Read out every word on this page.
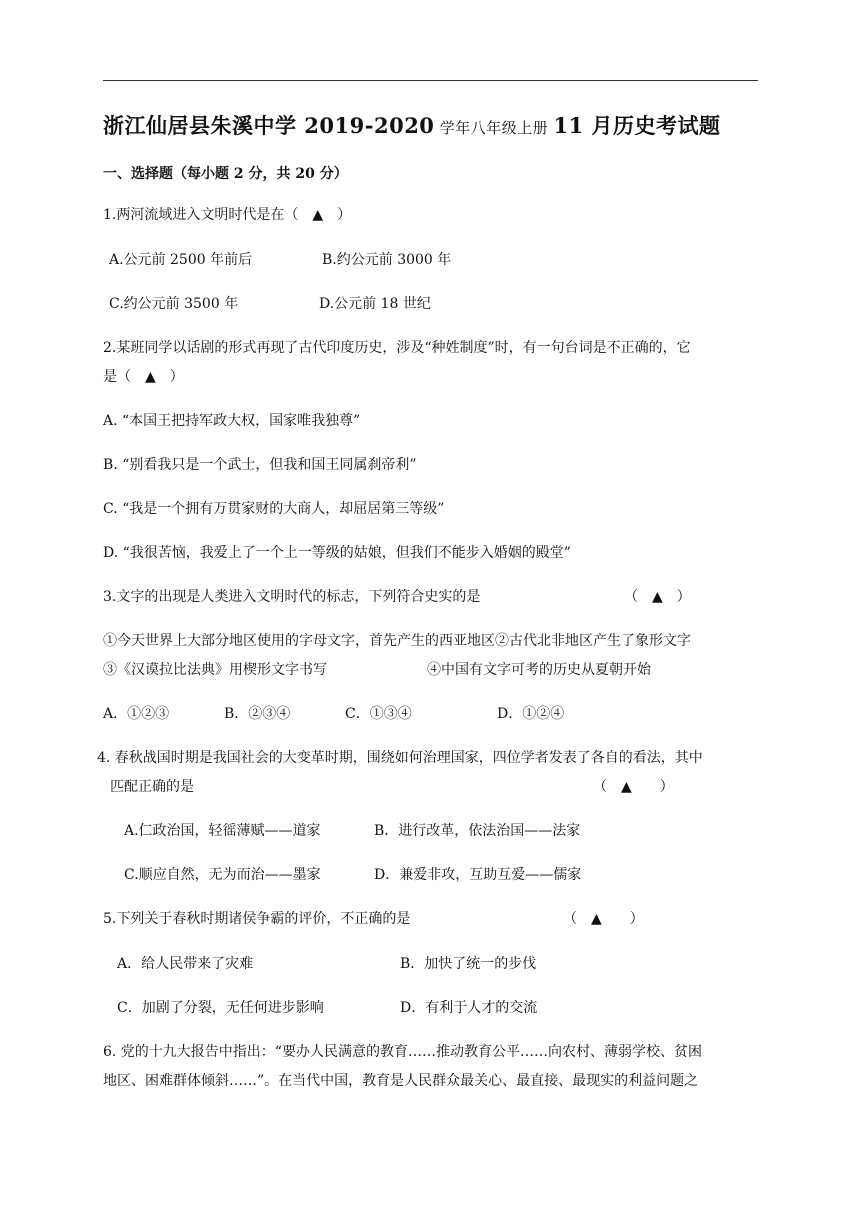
浙江仙居县朱溪中学 2019-2020 学年八年级上册 11 月历史考试题
一、选择题（每小题 2 分，共 20 分）
1.两河流域进入文明时代是在（　▲　）
A.公元前 2500 年前后	B.约公元前 3000 年
C.约公元前 3500 年	D.公元前 18 世纪
2.某班同学以话剧的形式再现了古代印度历史，涉及“种姓制度”时，有一句台词是不正确的，它
是（　▲　）
A. “本国王把持军政大权，国家唯我独尊”
B. “别看我只是一个武士，但我和国王同属刹帝利”
C. “我是一个拥有万贯家财的大商人，却屈居第三等级”
D. “我很苦恼，我爱上了一个上一等级的姑娘，但我们不能步入婚姻的殿堂”
3.文字的出现是人类进入文明时代的标志，下列符合史实的是	（　▲　）
①今天世界上大部分地区使用的字母文字，首先产生的西亚地区②古代北非地区产生了象形文字
③《汉谟拉比法典》用楔形文字书写	④中国有文字可考的历史从夏朝开始
A．①②③	B．②③④	C．①③④	D．①②④
4. 春秋战国时期是我国社会的大变革时期，围绕如何治理国家，四位学者发表了各自的看法，其中
匹配正确的是	（　▲　　）
A.仁政治国，轻徭薄赋——道家	B．进行改革，依法治国——法家
C.顺应自然，无为而治——墨家	D．兼爱非攻，互助互爱——儒家
5.下列关于春秋时期诸侯争霸的评价，不正确的是	（　▲　　）
A．给人民带来了灾难	B．加快了统一的步伐
C．加剧了分裂，无任何进步影响	D．有利于人才的交流
6. 党的十九大报告中指出：“要办人民满意的教育……推动教育公平……向农村、薄弱学校、贫困
地区、困难群体倾斜……”。在当代中国，教育是人民群众最关心、最直接、最现实的利益问题之
